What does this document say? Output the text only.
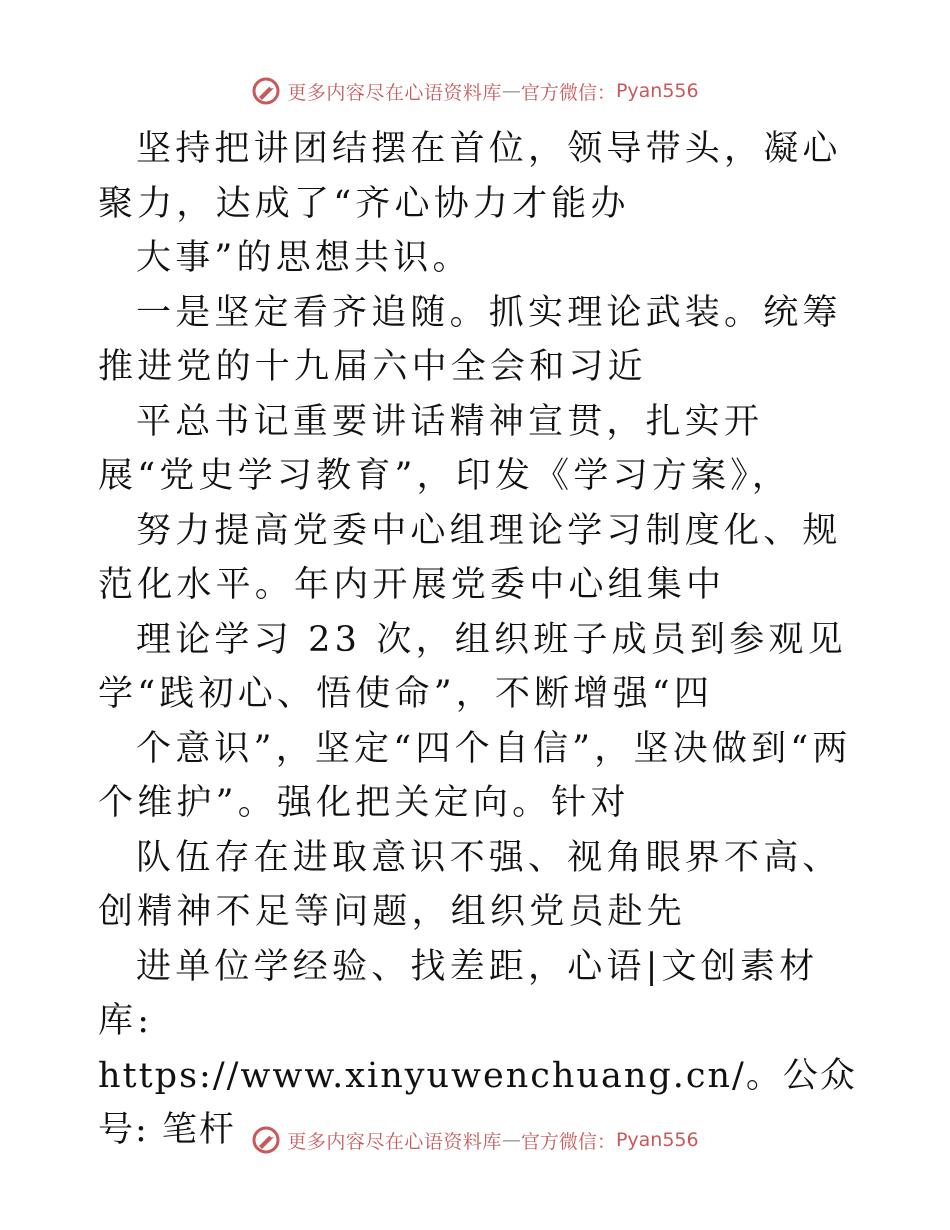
更多内容尽在心语资料库 — 官方微信： Pyan556

坚持把讲团结摆在首位，领导带头，凝心聚力，达成了“齐心协力才能办

大事”的思想共识。

一是坚定看齐追随。抓实理论武装。统筹推进党的十九届六中全会和习近

平总书记重要讲话精神宣贯，扎实开展“党史学习教育”，印发《学习方案》，

努力提高党委中心组理论学习制度化、规范化水平。年内开展党委中心组集中

理论学习 23 次，组织班子成员到参观见学“践初心、悟使命”，不断增强“四

个意识”，坚定“四个自信”，坚决做到“两个维护”。强化把关定向。针对

队伍存在进取意识不强、视角眼界不高、创精神不足等问题，组织党员赴先

进单位学经验、找差距，心语|文创素材库:

https://www.xinyuwenchuang.cn/。公众号: 笔杆	更多内容尽在心语资料库 — 官方微信： Pyan556
